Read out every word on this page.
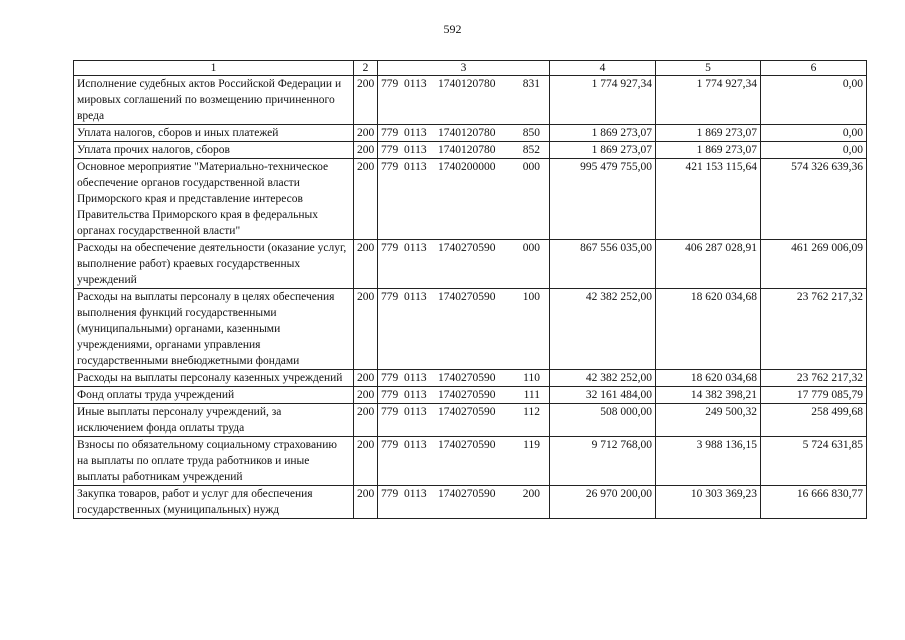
592
1	2	3	4	5	6
Исполнение судебных актов Российской Федерации и мировых соглашений по возмещению причиненного вреда	200	779 0113 1740120780 831	1 774 927,34	1 774 927,34	0,00
Уплата налогов, сборов и иных платежей	200	779 0113 1740120780 850	1 869 273,07	1 869 273,07	0,00
Уплата прочих налогов, сборов	200	779 0113 1740120780 852	1 869 273,07	1 869 273,07	0,00
Основное мероприятие "Материально-техническое обеспечение органов государственной власти Приморского края и представление интересов Правительства Приморского края в федеральных органах государственной власти"	200	779 0113 1740200000 000	995 479 755,00	421 153 115,64	574 326 639,36
Расходы на обеспечение деятельности (оказание услуг, выполнение работ) краевых государственных учреждений	200	779 0113 1740270590 000	867 556 035,00	406 287 028,91	461 269 006,09
Расходы на выплаты персоналу в целях обеспечения выполнения функций государственными (муниципальными) органами, казенными учреждениями, органами управления государственными внебюджетными фондами	200	779 0113 1740270590 100	42 382 252,00	18 620 034,68	23 762 217,32
Расходы на выплаты персоналу казенных учреждений	200	779 0113 1740270590 110	42 382 252,00	18 620 034,68	23 762 217,32
Фонд оплаты труда учреждений	200	779 0113 1740270590 111	32 161 484,00	14 382 398,21	17 779 085,79
Иные выплаты персоналу учреждений, за исключением фонда оплаты труда	200	779 0113 1740270590 112	508 000,00	249 500,32	258 499,68
Взносы по обязательному социальному страхованию на выплаты по оплате труда работников и иные выплаты работникам учреждений	200	779 0113 1740270590 119	9 712 768,00	3 988 136,15	5 724 631,85
Закупка товаров, работ и услуг для обеспечения государственных (муниципальных) нужд	200	779 0113 1740270590 200	26 970 200,00	10 303 369,23	16 666 830,77
